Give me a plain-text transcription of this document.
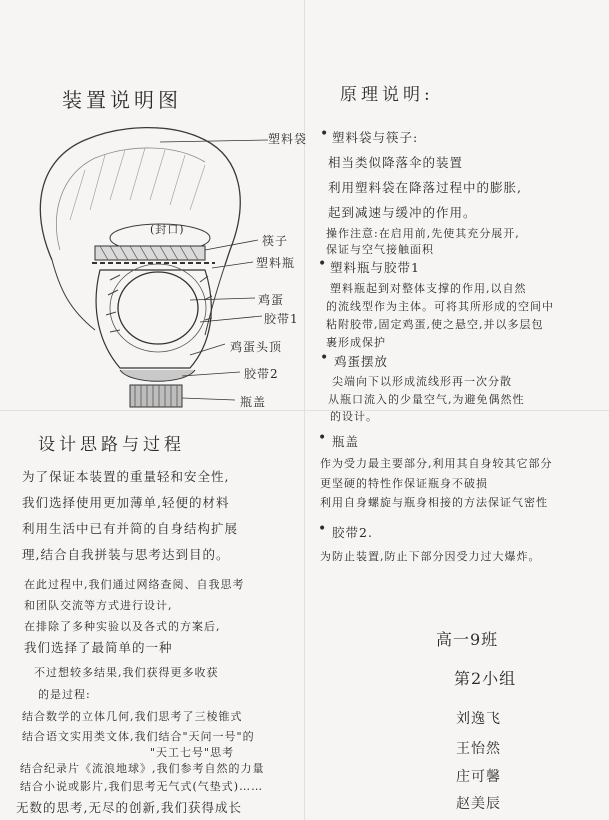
装置说明图
塑料袋
(封口)
筷子
塑料瓶
鸡蛋
胶带1
鸡蛋头顶
胶带2
瓶盖
原理说明:
• 塑料袋与筷子:
相当类似降落伞的装置
利用塑料袋在降落过程中的膨胀,
起到减速与缓冲的作用。
操作注意:在启用前,先使其充分展开,
保证与空气接触面积
• 塑料瓶与胶带1
塑料瓶起到对整体支撑的作用,以自然
的流线型作为主体。可将其所形成的空间中
粘附胶带,固定鸡蛋,使之悬空,并以多层包
裹形成保护
• 鸡蛋摆放
尖端向下以形成流线形再一次分散
从瓶口流入的少量空气,为避免偶然性
的设计。
• 瓶盖
作为受力最主要部分,利用其自身较其它部分
更坚硬的特性作保证瓶身不破损
利用自身螺旋与瓶身相接的方法保证气密性
• 胶带2.
为防止装置,防止下部分因受力过大爆炸。
设计思路与过程
为了保证本装置的重量轻和安全性,
我们选择使用更加薄单,轻便的材料
利用生活中已有并简的自身结构扩展
理,结合自我拼装与思考达到目的。
在此过程中,我们通过网络查阅、自我思考
和团队交流等方式进行设计,
在排除了多种实验以及各式的方案后,
我们选择了最简单的一种
不过想较多结果,我们获得更多收获
的是过程:
结合数学的立体几何,我们思考了三棱锥式
结合语文实用类文体,我们结合"天问一号"的
"天工七号"思考
结合纪录片《流浪地球》,我们参考自然的力量
结合小说或影片,我们思考无气式(气垫式)……
无数的思考,无尽的创新,我们获得成长
高一9班
第2小组
刘逸飞
王怡然
庄可馨
赵美辰
